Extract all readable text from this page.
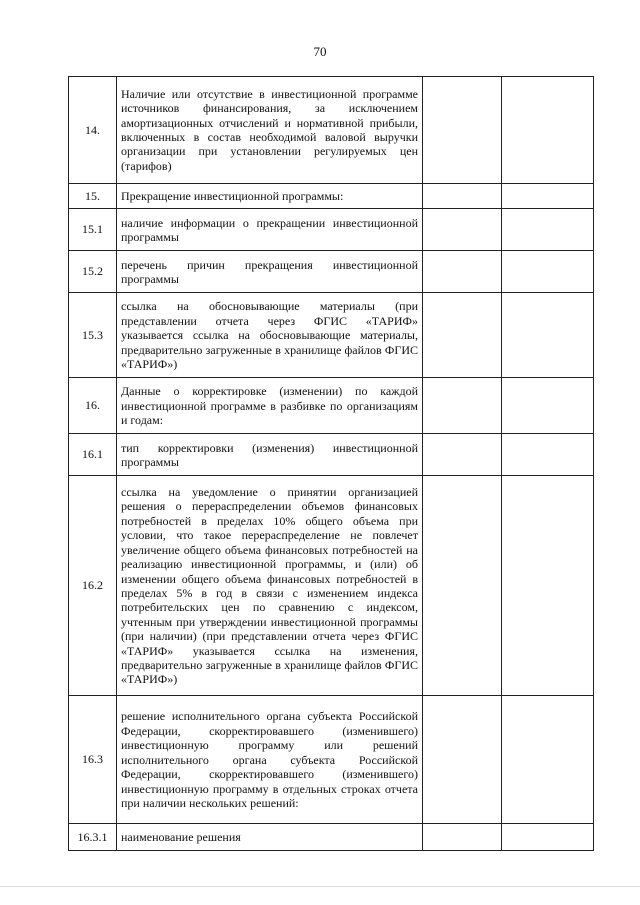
70
14.	Наличие или отсутствие в инвестиционной программе источников финансирования, за исключением амортизационных отчислений и нормативной прибыли, включенных в состав необходимой валовой выручки организации при установлении регулируемых цен (тарифов)		

15.	Прекращение инвестиционной программы:		

15.1	наличие информации о прекращении инвестиционной программы		

15.2	перечень причин прекращения инвестиционной программы		

15.3	ссылка на обосновывающие материалы (при представлении отчета через ФГИС «ТАРИФ» указывается ссылка на обосновывающие материалы, предварительно загруженные в хранилище файлов ФГИС «ТАРИФ»)		

16.	Данные о корректировке (изменении) по каждой инвестиционной программе в разбивке по организациям и годам:		

16.1	тип корректировки (изменения) инвестиционной программы		

16.2	ссылка на уведомление о принятии организацией решения о перераспределении объемов финансовых потребностей в пределах 10% общего объема при условии, что такое перераспределение не повлечет увеличение общего объема финансовых потребностей на реализацию инвестиционной программы, и (или) об изменении общего объема финансовых потребностей в пределах 5% в год в связи с изменением индекса потребительских цен по сравнению с индексом, учтенным при утверждении инвестиционной программы (при наличии) (при представлении отчета через ФГИС «ТАРИФ» указывается ссылка на изменения, предварительно загруженные в хранилище файлов ФГИС «ТАРИФ»)		

16.3	решение исполнительного органа субъекта Российской Федерации, скорректировавшего (изменившего) инвестиционную программу или решений исполнительного органа субъекта Российской Федерации, скорректировавшего (изменившего) инвестиционную программу в отдельных строках отчета при наличии нескольких решений:		

16.3.1	наименование решения		
